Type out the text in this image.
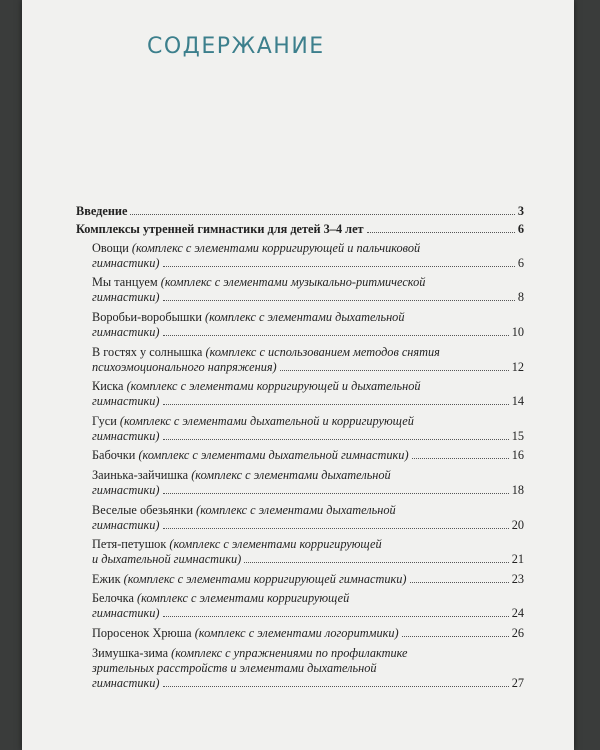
СОДЕРЖАНИЕ
Введение	3
Комплексы утренней гимнастики для детей 3–4 лет	6
Овощи (комплекс с элементами корригирующей и пальчиковой
гимнастики)	6
Мы танцуем (комплекс с элементами музыкально-ритмической
гимнастики)	8
Воробьи-воробышки (комплекс с элементами дыхательной
гимнастики)	10
В гостях у солнышка (комплекс с использованием методов снятия
психоэмоционального напряжения)	12
Киска (комплекс с элементами корригирующей и дыхательной
гимнастики)	14
Гуси (комплекс с элементами дыхательной и корригирующей
гимнастики)	15
Бабочки (комплекс с элементами дыхательной гимнастики)	16
Заинька-зайчишка (комплекс с элементами дыхательной
гимнастики)	18
Веселые обезьянки (комплекс с элементами дыхательной
гимнастики)	20
Петя-петушок (комплекс с элементами корригирующей
и дыхательной гимнастики)	21
Ежик (комплекс с элементами корригирующей гимнастики)	23
Белочка (комплекс с элементами корригирующей
гимнастики)	24
Поросенок Хрюша (комплекс с элементами логоритмики)	26
Зимушка-зима (комплекс с упражнениями по профилактике
зрительных расстройств и элементами дыхательной
гимнастики)	27
